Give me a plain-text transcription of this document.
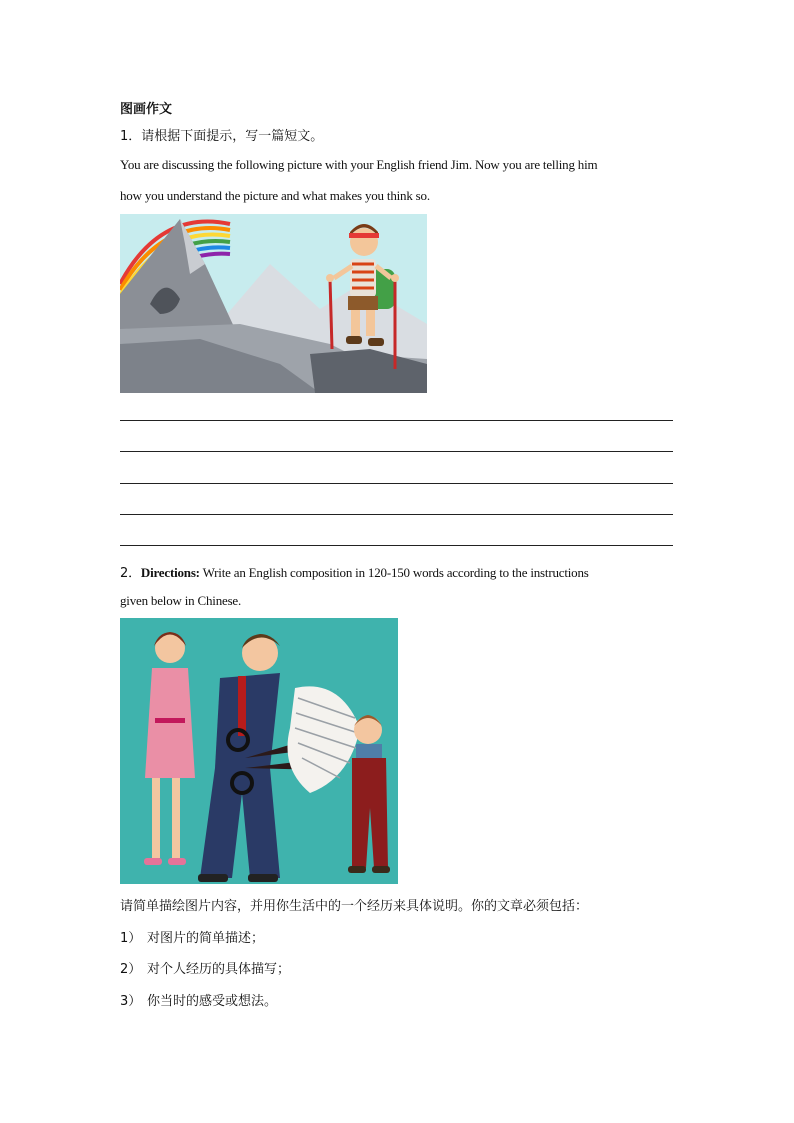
图画作文
1．请根据下面提示，写一篇短文。
You are discussing the following picture with your English friend Jim. Now you are telling him
how you understand the picture and what makes you think so.
2．Directions: Write an English composition in 120-150 words according to the instructions
given below in Chinese.
请简单描绘图片内容，并用你生活中的一个经历来具体说明。你的文章必须包括：
1） 对图片的简单描述；
2） 对个人经历的具体描写；
3） 你当时的感受或想法。
